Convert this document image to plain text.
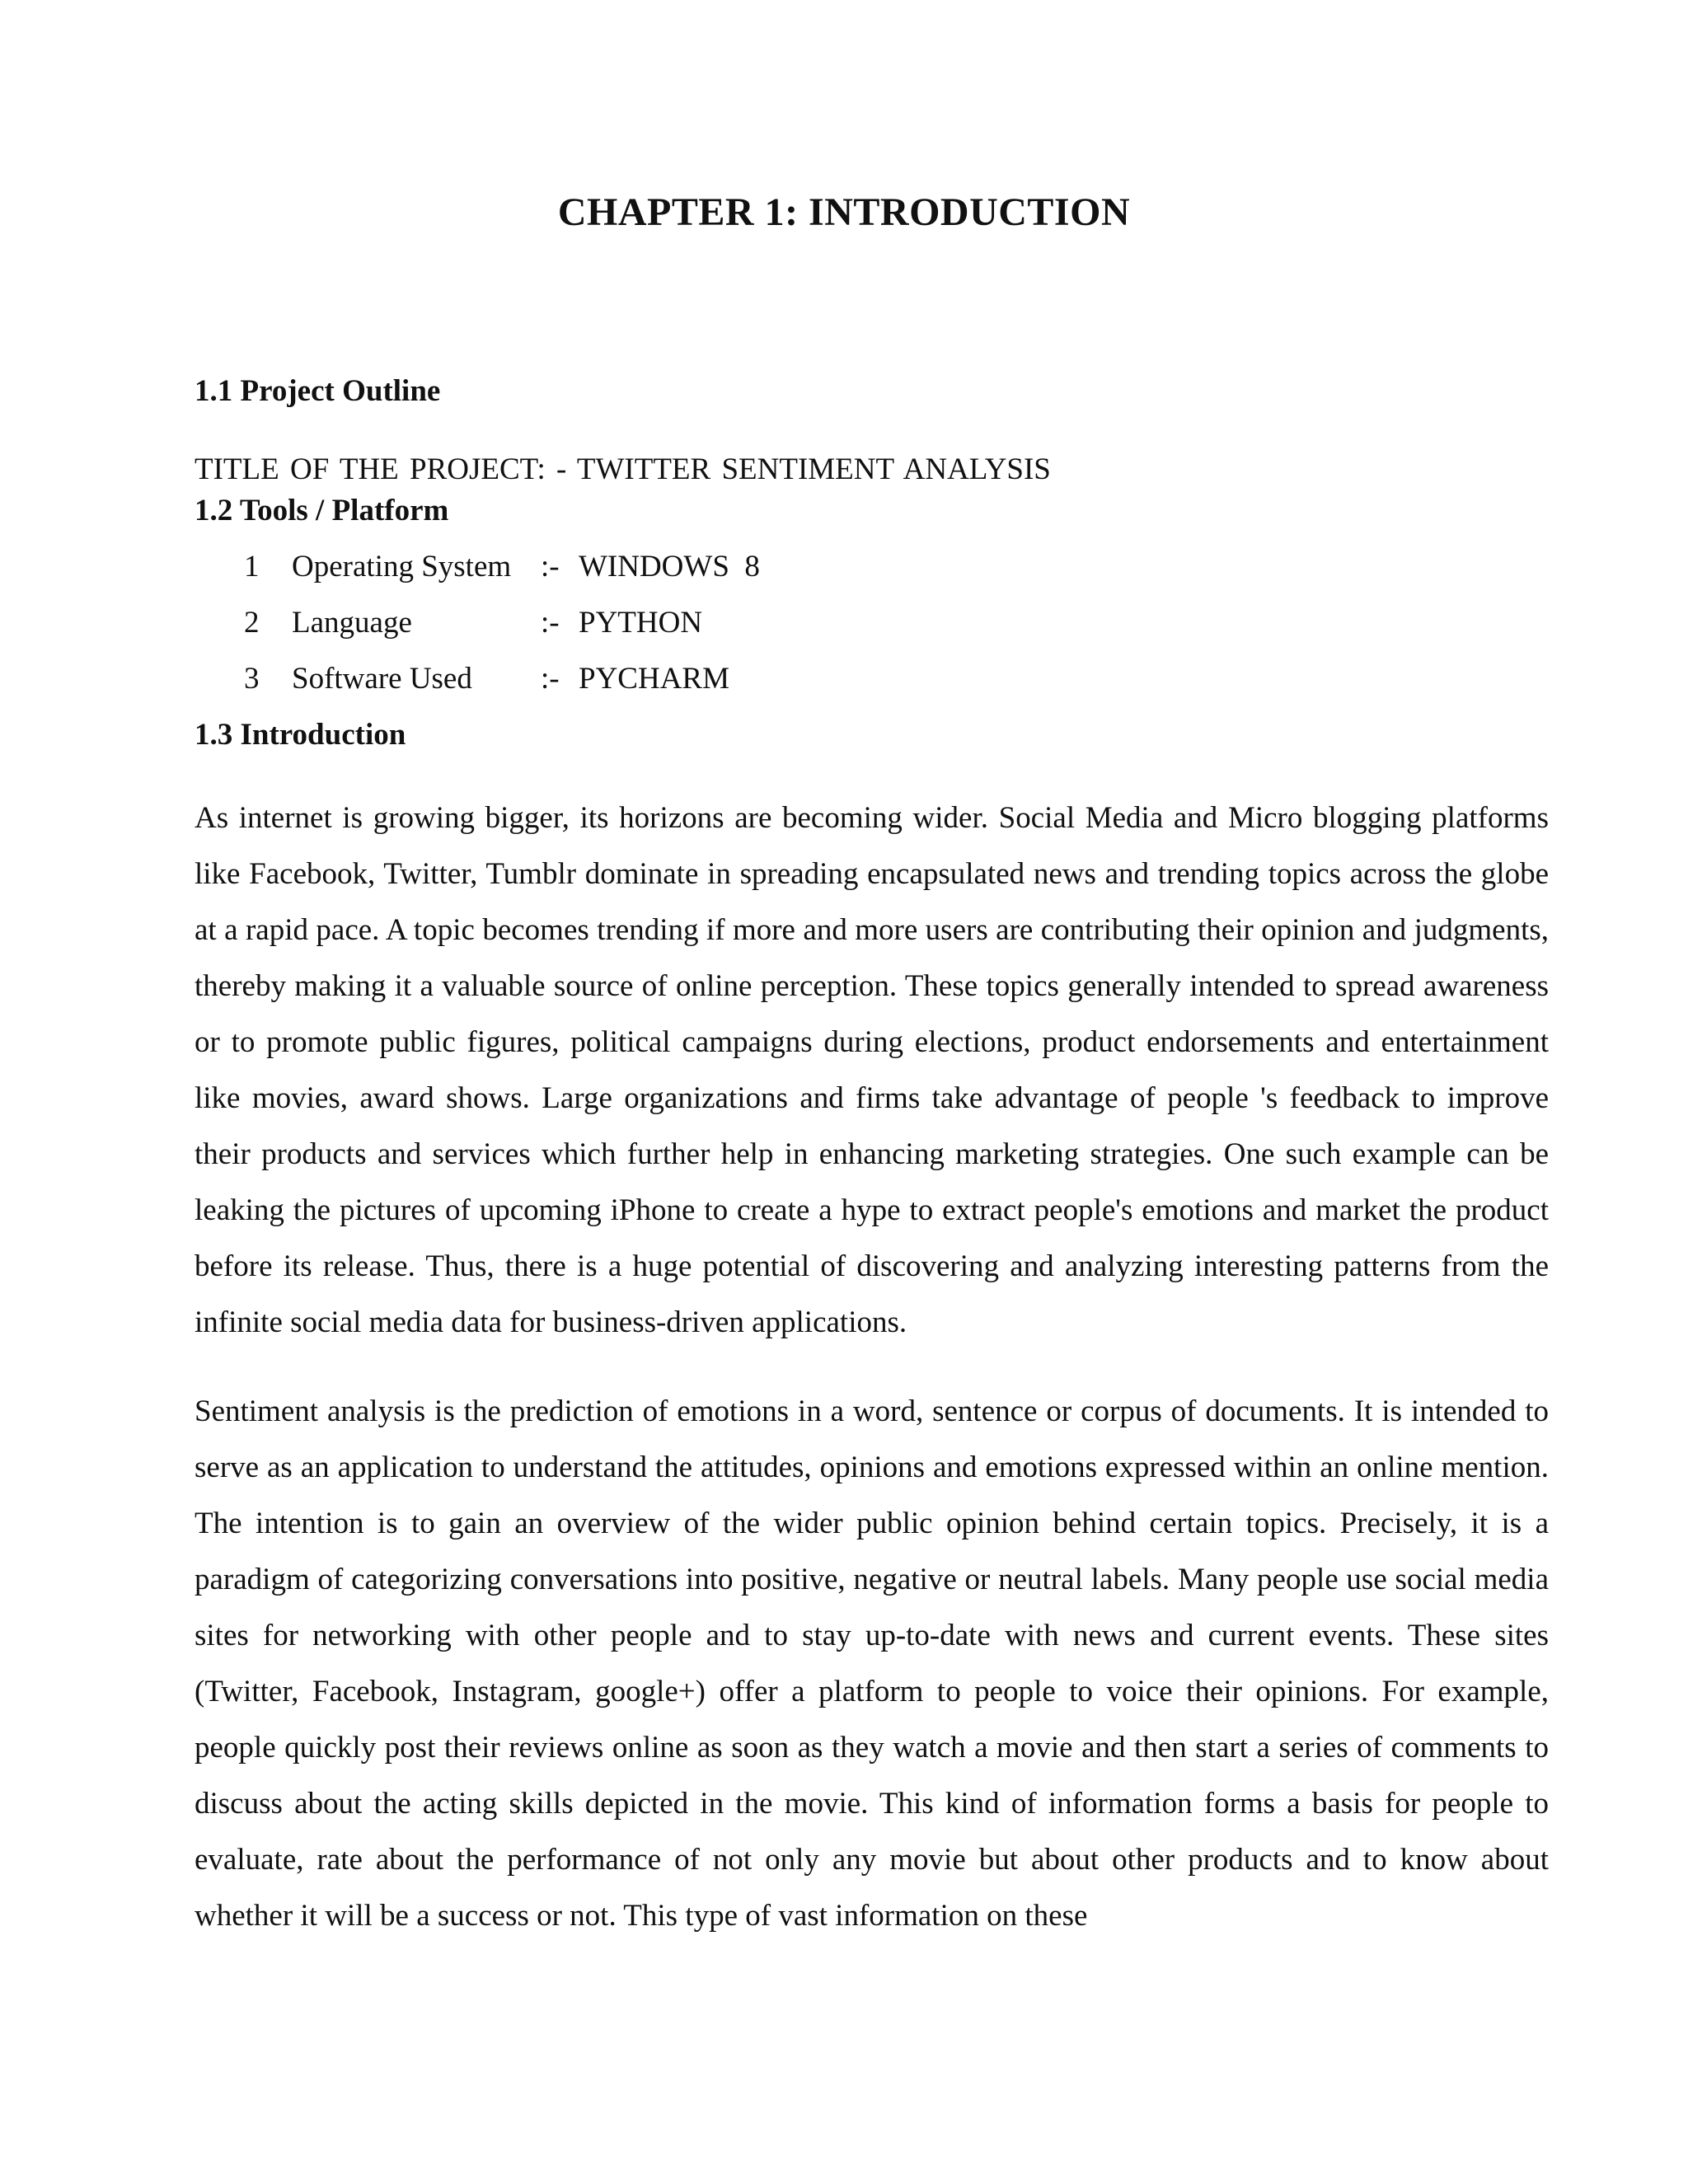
CHAPTER 1: INTRODUCTION
1.1 Project Outline

TITLE OF THE PROJECT: - TWITTER SENTIMENT ANALYSIS

1.2 Tools / Platform
1	Operating System :- WINDOWS  8
2	Language	:- PYTHON
3	Software Used	:- PYCHARM
1.3 Introduction

As internet is growing bigger, its horizons are becoming wider. Social Media and Micro blogging platforms like Facebook, Twitter, Tumblr dominate in spreading encapsulated news and trending topics across the globe at a rapid pace. A topic becomes trending if more and more users are contributing their opinion and judgments, thereby making it a valuable source of online perception. These topics generally intended to spread awareness or to promote public figures, political campaigns during elections, product endorsements and entertainment like movies, award shows. Large organizations and firms take advantage of people 's feedback to improve their products and services which further help in enhancing marketing strategies. One such example can be leaking the pictures of upcoming iPhone to create a hype to extract people's emotions and market the product before its release. Thus, there is a huge potential of discovering and analyzing interesting patterns from the infinite social media data for business-driven applications.

Sentiment analysis is the prediction of emotions in a word, sentence or corpus of documents. It is intended to serve as an application to understand the attitudes, opinions and emotions expressed within an online mention. The intention is to gain an overview of the wider public opinion behind certain topics. Precisely, it is a paradigm of categorizing conversations into positive, negative or neutral labels. Many people use social media sites for networking with other people and to stay up-to-date with news and current events. These sites (Twitter, Facebook, Instagram, google+) offer a platform to people to voice their opinions. For example, people quickly post their reviews online as soon as they watch a movie and then start a series of comments to discuss about the acting skills depicted in the movie. This kind of information forms a basis for people to evaluate, rate about the performance of not only any movie but about other products and to know about whether it will be a success or not. This type of vast information on these
